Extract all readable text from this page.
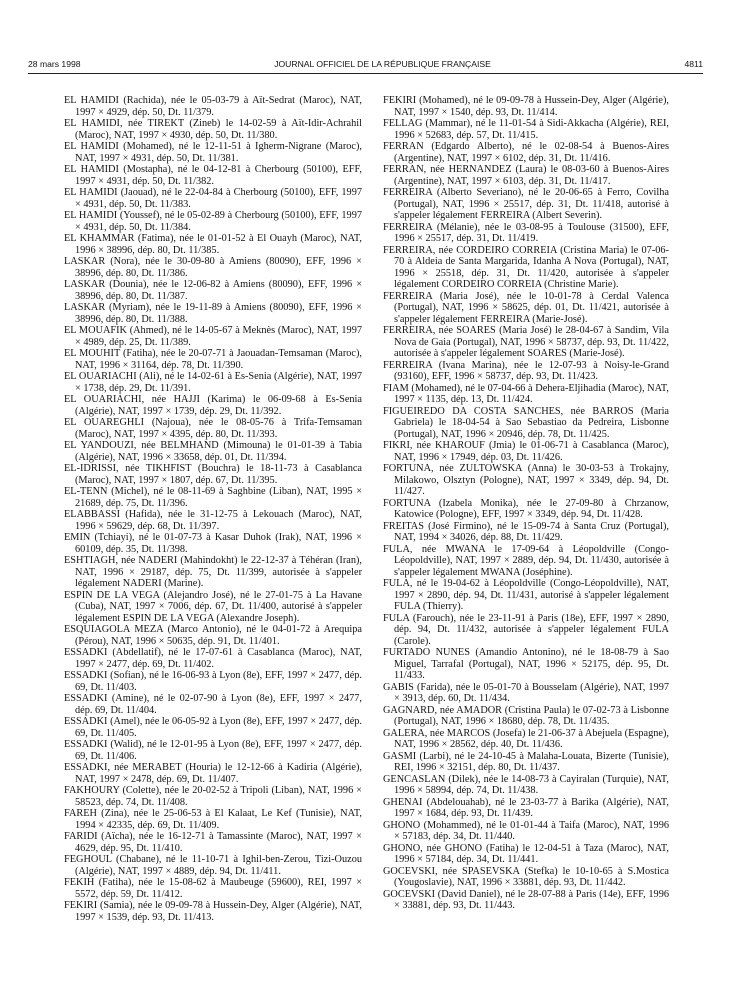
28 mars 1998	JOURNAL OFFICIEL DE LA RÉPUBLIQUE FRANÇAISE	4811
EL HAMIDI (Rachida), née le 05-03-79 à Aït-Sedrat (Maroc), NAT, 1997 × 4929, dép. 50, Dt. 11/379.
EL HAMIDI, née TIREKT (Zineb) le 14-02-59 à Aït-Idir-Achrahil (Maroc), NAT, 1997 × 4930, dép. 50, Dt. 11/380.
EL HAMIDI (Mohamed), né le 12-11-51 à Igherm-Nigrane (Maroc), NAT, 1997 × 4931, dép. 50, Dt. 11/381.
EL HAMIDI (Mostapha), né le 04-12-81 à Cherbourg (50100), EFF, 1997 × 4931, dép. 50, Dt. 11/382.
EL HAMIDI (Jaouad), né le 22-04-84 à Cherbourg (50100), EFF, 1997 × 4931, dép. 50, Dt. 11/383.
EL HAMIDI (Youssef), né le 05-02-89 à Cherbourg (50100), EFF, 1997 × 4931, dép. 50, Dt. 11/384.
EL KHAMMAR (Fatima), née le 01-01-52 à El Ouayh (Maroc), NAT, 1996 × 38996, dép. 80, Dt. 11/385.
LASKAR (Nora), née le 30-09-80 à Amiens (80090), EFF, 1996 × 38996, dép. 80, Dt. 11/386.
LASKAR (Dounia), née le 12-06-82 à Amiens (80090), EFF, 1996 × 38996, dép. 80, Dt. 11/387.
LASKAR (Myriam), née le 19-11-89 à Amiens (80090), EFF, 1996 × 38996, dép. 80, Dt. 11/388.
EL MOUAFIK (Ahmed), né le 14-05-67 à Meknès (Maroc), NAT, 1997 × 4989, dép. 25, Dt. 11/389.
EL MOUHIT (Fatiha), née le 20-07-71 à Jaouadan-Temsaman (Maroc), NAT, 1996 × 31164, dép. 78, Dt. 11/390.
EL OUARIACHI (Ali), né le 14-02-61 à Es-Senia (Algérie), NAT, 1997 × 1738, dép. 29, Dt. 11/391.
EL OUARIACHI, née HAJJI (Karima) le 06-09-68 à Es-Senia (Algérie), NAT, 1997 × 1739, dép. 29, Dt. 11/392.
EL OUAREGHLI (Najoua), née le 08-05-76 à Trifa-Temsaman (Maroc), NAT, 1997 × 4395, dép. 80, Dt. 11/393.
EL YANDOUZI, née BELMHAND (Mimouna) le 01-01-39 à Tabia (Algérie), NAT, 1996 × 33658, dép. 01, Dt. 11/394.
EL-IDRISSI, née TIKHFIST (Bouchra) le 18-11-73 à Casablanca (Maroc), NAT, 1997 × 1807, dép. 67, Dt. 11/395.
EL-TENN (Michel), né le 08-11-69 à Saghbine (Liban), NAT, 1995 × 21689, dép. 75, Dt. 11/396.
ELABBASSI (Hafida), née le 31-12-75 à Lekouach (Maroc), NAT, 1996 × 59629, dép. 68, Dt. 11/397.
EMIN (Tchiayi), né le 01-07-73 à Kasar Duhok (Irak), NAT, 1996 × 60109, dép. 35, Dt. 11/398.
ESHTIAGH, née NADERI (Mahindokht) le 22-12-37 à Téhéran (Iran), NAT, 1996 × 29187, dép. 75, Dt. 11/399, autorisée à s'appeler légalement NADERI (Marine).
ESPIN DE LA VEGA (Alejandro José), né le 27-01-75 à La Havane (Cuba), NAT, 1997 × 7006, dép. 67, Dt. 11/400, autorisé à s'appeler légalement ESPIN DE LA VEGA (Alexandre Joseph).
ESQUIAGOLA MEZA (Marco Antonio), né le 04-01-72 à Arequipa (Pérou), NAT, 1996 × 50635, dép. 91, Dt. 11/401.
ESSADKI (Abdellatif), né le 17-07-61 à Casablanca (Maroc), NAT, 1997 × 2477, dép. 69, Dt. 11/402.
ESSADKI (Sofian), né le 16-06-93 à Lyon (8e), EFF, 1997 × 2477, dép. 69, Dt. 11/403.
ESSADKI (Amine), né le 02-07-90 à Lyon (8e), EFF, 1997 × 2477, dép. 69, Dt. 11/404.
ESSADKI (Amel), née le 06-05-92 à Lyon (8e), EFF, 1997 × 2477, dép. 69, Dt. 11/405.
ESSADKI (Walid), né le 12-01-95 à Lyon (8e), EFF, 1997 × 2477, dép. 69, Dt. 11/406.
ESSADKI, née MERABET (Houria) le 12-12-66 à Kadiria (Algérie), NAT, 1997 × 2478, dép. 69, Dt. 11/407.
FAKHOURY (Colette), née le 20-02-52 à Tripoli (Liban), NAT, 1996 × 58523, dép. 74, Dt. 11/408.
FAREH (Zina), née le 25-06-53 à El Kalaat, Le Kef (Tunisie), NAT, 1994 × 42335, dép. 69, Dt. 11/409.
FARIDI (Aïcha), née le 16-12-71 à Tamassinte (Maroc), NAT, 1997 × 4629, dép. 95, Dt. 11/410.
FEGHOUL (Chabane), né le 11-10-71 à Ighil-ben-Zerou, Tizi-Ouzou (Algérie), NAT, 1997 × 4889, dép. 94, Dt. 11/411.
FEKIH (Fatiha), née le 15-08-62 à Maubeuge (59600), REI, 1997 × 5572, dép. 59, Dt. 11/412.
FEKIRI (Samia), née le 09-09-78 à Hussein-Dey, Alger (Algérie), NAT, 1997 × 1539, dép. 93, Dt. 11/413.
FEKIRI (Mohamed), né le 09-09-78 à Hussein-Dey, Alger (Algérie), NAT, 1997 × 1540, dép. 93, Dt. 11/414.
FELLAG (Mammar), né le 11-01-54 à Sidi-Akkacha (Algérie), REI, 1996 × 52683, dép. 57, Dt. 11/415.
FERRAN (Edgardo Alberto), né le 02-08-54 à Buenos-Aires (Argentine), NAT, 1997 × 6102, dép. 31, Dt. 11/416.
FERRAN, née HERNANDEZ (Laura) le 08-03-60 à Buenos-Aires (Argentine), NAT, 1997 × 6103, dép. 31, Dt. 11/417.
FERREIRA (Alberto Severiano), né le 20-06-65 à Ferro, Covilha (Portugal), NAT, 1996 × 25517, dép. 31, Dt. 11/418, autorisé à s'appeler légalement FERREIRA (Albert Severin).
FERREIRA (Mélanie), née le 03-08-95 à Toulouse (31500), EFF, 1996 × 25517, dép. 31, Dt. 11/419.
FERREIRA, née CORDEIRO CORREIA (Cristina Maria) le 07-06-70 à Aldeia de Santa Margarida, Idanha A Nova (Portugal), NAT, 1996 × 25518, dép. 31, Dt. 11/420, autorisée à s'appeler légalement CORDEIRO CORREIA (Christine Marie).
FERREIRA (Maria José), née le 10-01-78 à Cerdal Valenca (Portugal), NAT, 1996 × 58625, dép. 01, Dt. 11/421, autorisée à s'appeler légalement FERREIRA (Marie-José).
FERREIRA, née SOARES (Maria José) le 28-04-67 à Sandim, Vila Nova de Gaia (Portugal), NAT, 1996 × 58737, dép. 93, Dt. 11/422, autorisée à s'appeler légalement SOARES (Marie-José).
FERREIRA (Ivana Marina), née le 12-07-93 à Noisy-le-Grand (93160), EFF, 1996 × 58737, dép. 93, Dt. 11/423.
FIAM (Mohamed), né le 07-04-66 à Dehera-Eljihadia (Maroc), NAT, 1997 × 1135, dép. 13, Dt. 11/424.
FIGUEIREDO DA COSTA SANCHES, née BARROS (Maria Gabriela) le 18-04-54 à Sao Sebastiao da Pedreira, Lisbonne (Portugal), NAT, 1996 × 20946, dép. 78, Dt. 11/425.
FIKRI, née KHAROUF (Jmia) le 01-06-71 à Casablanca (Maroc), NAT, 1996 × 17949, dép. 03, Dt. 11/426.
FORTUNA, née ZULTOWSKA (Anna) le 30-03-53 à Trokajny, Milakowo, Olsztyn (Pologne), NAT, 1997 × 3349, dép. 94, Dt. 11/427.
FORTUNA (Izabela Monika), née le 27-09-80 à Chrzanow, Katowice (Pologne), EFF, 1997 × 3349, dép. 94, Dt. 11/428.
FREITAS (José Firmino), né le 15-09-74 à Santa Cruz (Portugal), NAT, 1994 × 34026, dép. 88, Dt. 11/429.
FULA, née MWANA le 17-09-64 à Léopoldville (Congo-Léopoldville), NAT, 1997 × 2889, dép. 94, Dt. 11/430, autorisée à s'appeler légalement MWANA (Joséphine).
FULA, né le 19-04-62 à Léopoldville (Congo-Léopoldville), NAT, 1997 × 2890, dép. 94, Dt. 11/431, autorisé à s'appeler légalement FULA (Thierry).
FULA (Farouch), née le 23-11-91 à Paris (18e), EFF, 1997 × 2890, dép. 94, Dt. 11/432, autorisée à s'appeler légalement FULA (Carole).
FURTADO NUNES (Amandio Antonino), né le 18-08-79 à Sao Miguel, Tarrafal (Portugal), NAT, 1996 × 52175, dép. 95, Dt. 11/433.
GABIS (Farida), née le 05-01-70 à Bousselam (Algérie), NAT, 1997 × 3913, dép. 60, Dt. 11/434.
GAGNARD, née AMADOR (Cristina Paula) le 07-02-73 à Lisbonne (Portugal), NAT, 1996 × 18680, dép. 78, Dt. 11/435.
GALERA, née MARCOS (Josefa) le 21-06-37 à Abejuela (Espagne), NAT, 1996 × 28562, dép. 40, Dt. 11/436.
GASMI (Larbi), né le 24-10-45 à Malaha-Louata, Bizerte (Tunisie), REI, 1996 × 32151, dép. 80, Dt. 11/437.
GENCASLAN (Dilek), née le 14-08-73 à Cayiralan (Turquie), NAT, 1996 × 58994, dép. 74, Dt. 11/438.
GHENAI (Abdelouahab), né le 23-03-77 à Barika (Algérie), NAT, 1997 × 1684, dép. 93, Dt. 11/439.
GHONO (Mohammed), né le 01-01-44 à Taifa (Maroc), NAT, 1996 × 57183, dép. 34, Dt. 11/440.
GHONO, née GHONO (Fatiha) le 12-04-51 à Taza (Maroc), NAT, 1996 × 57184, dép. 34, Dt. 11/441.
GOCEVSKI, née SPASEVSKA (Stefka) le 10-10-65 à S.Mostica (Yougoslavie), NAT, 1996 × 33881, dép. 93, Dt. 11/442.
GOCEVSKI (David Daniel), né le 28-07-88 à Paris (14e), EFF, 1996 × 33881, dép. 93, Dt. 11/443.
